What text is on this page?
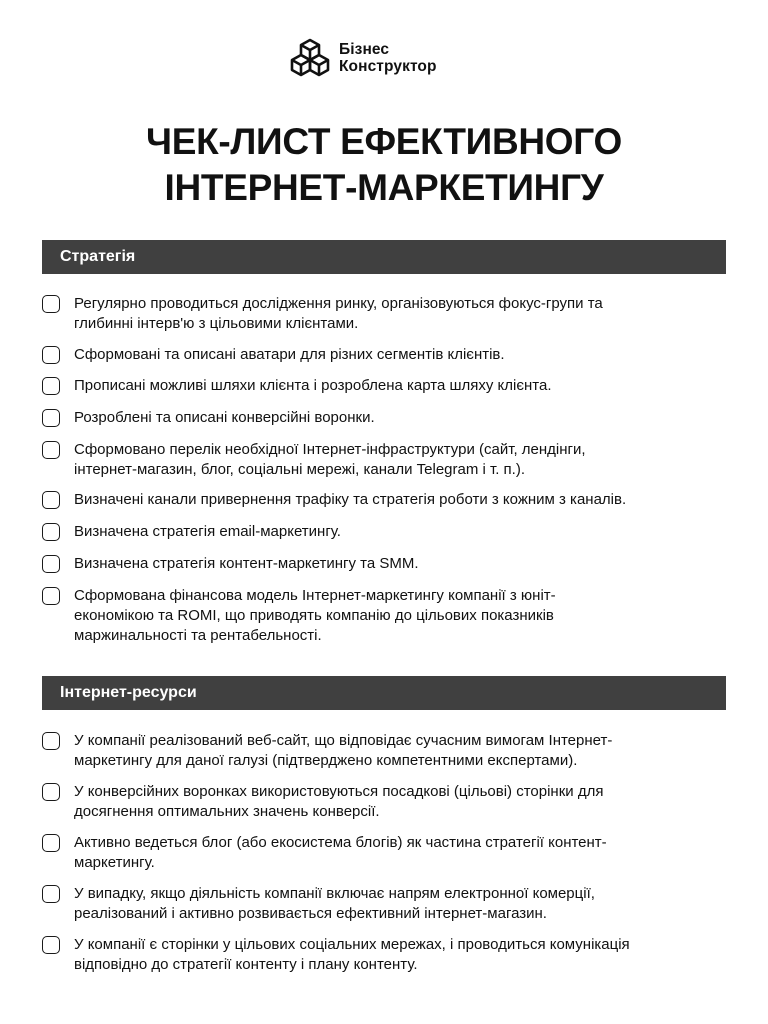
Бізнес
Конструктор
ЧЕК-ЛИСТ ЕФЕКТИВНОГО
ІНТЕРНЕТ-МАРКЕТИНГУ
Стратегія
Регулярно проводиться дослідження ринку, організовуються фокус-групи та
глибинні інтерв'ю з цільовими клієнтами.
Сформовані та описані аватари для різних сегментів клієнтів.
Прописані можливі шляхи клієнта і розроблена карта шляху клієнта.
Розроблені та описані конверсійні воронки.
Сформовано перелік необхідної Інтернет-інфраструктури (сайт, лендінги,
інтернет-магазин, блог, соціальні мережі, канали Telegram і т. п.).
Визначені канали привернення трафіку та стратегія роботи з кожним з каналів.
Визначена стратегія email-маркетингу.
Визначена стратегія контент-маркетингу та SMM.
Сформована фінансова модель Інтернет-маркетингу компанії з юніт-
економікою та ROMI, що приводять компанію до цільових показників
маржинальності та рентабельності.
Інтернет-ресурси
У компанії реалізований веб-сайт, що відповідає сучасним вимогам Інтернет-
маркетингу для даної галузі (підтверджено компетентними експертами).
У конверсійних воронках використовуються посадкові (цільові) сторінки для
досягнення оптимальних значень конверсії.
Активно ведеться блог (або екосистема блогів) як частина стратегії контент-
маркетингу.
У випадку, якщо діяльність компанії включає напрям електронної комерції,
реалізований і активно розвивається ефективний інтернет-магазин.
У компанії є сторінки у цільових соціальних мережах, і проводиться комунікація
відповідно до стратегії контенту і плану контенту.
